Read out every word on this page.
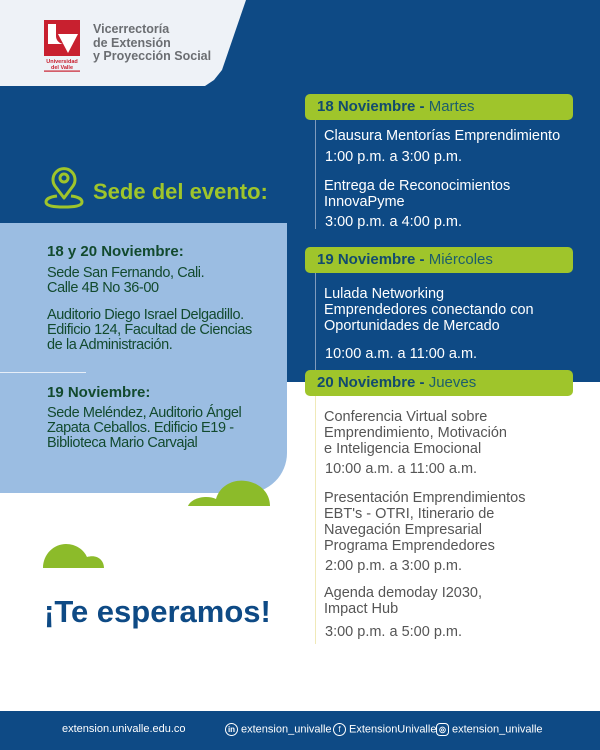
Universidad
del Valle
Vicerrectoría
de Extensión
y Proyección Social
Sede del evento:
18 y 20 Noviembre:
Sede San Fernando, Cali.
Calle 4B No 36-00
Auditorio Diego Israel Delgadillo.
Edificio 124, Facultad de Ciencias
de la Administración.
19 Noviembre:
Sede Meléndez, Auditorio Ángel
Zapata Ceballos. Edificio E19 -
Biblioteca Mario Carvajal
¡Te esperamos!
18 Noviembre - Martes
Clausura Mentorías Emprendimiento
1:00 p.m. a 3:00 p.m.
Entrega de Reconocimientos
InnovaPyme
3:00 p.m. a 4:00 p.m.
19 Noviembre - Miércoles
Lulada Networking
Emprendedores conectando con
Oportunidades de Mercado
10:00 a.m. a 11:00 a.m.
20 Noviembre - Jueves
Conferencia Virtual sobre
Emprendimiento, Motivación
e Inteligencia Emocional
10:00 a.m. a 11:00 a.m.
Presentación Emprendimientos
EBT's - OTRI, Itinerario de
Navegación Empresarial
Programa Emprendedores
2:00 p.m. a 3:00 p.m.
Agenda demoday I2030,
Impact Hub
3:00 p.m. a 5:00 p.m.
extension.univalle.edu.co	in extension_univalle f ExtensionUnivalle ◎ extension_univalle
